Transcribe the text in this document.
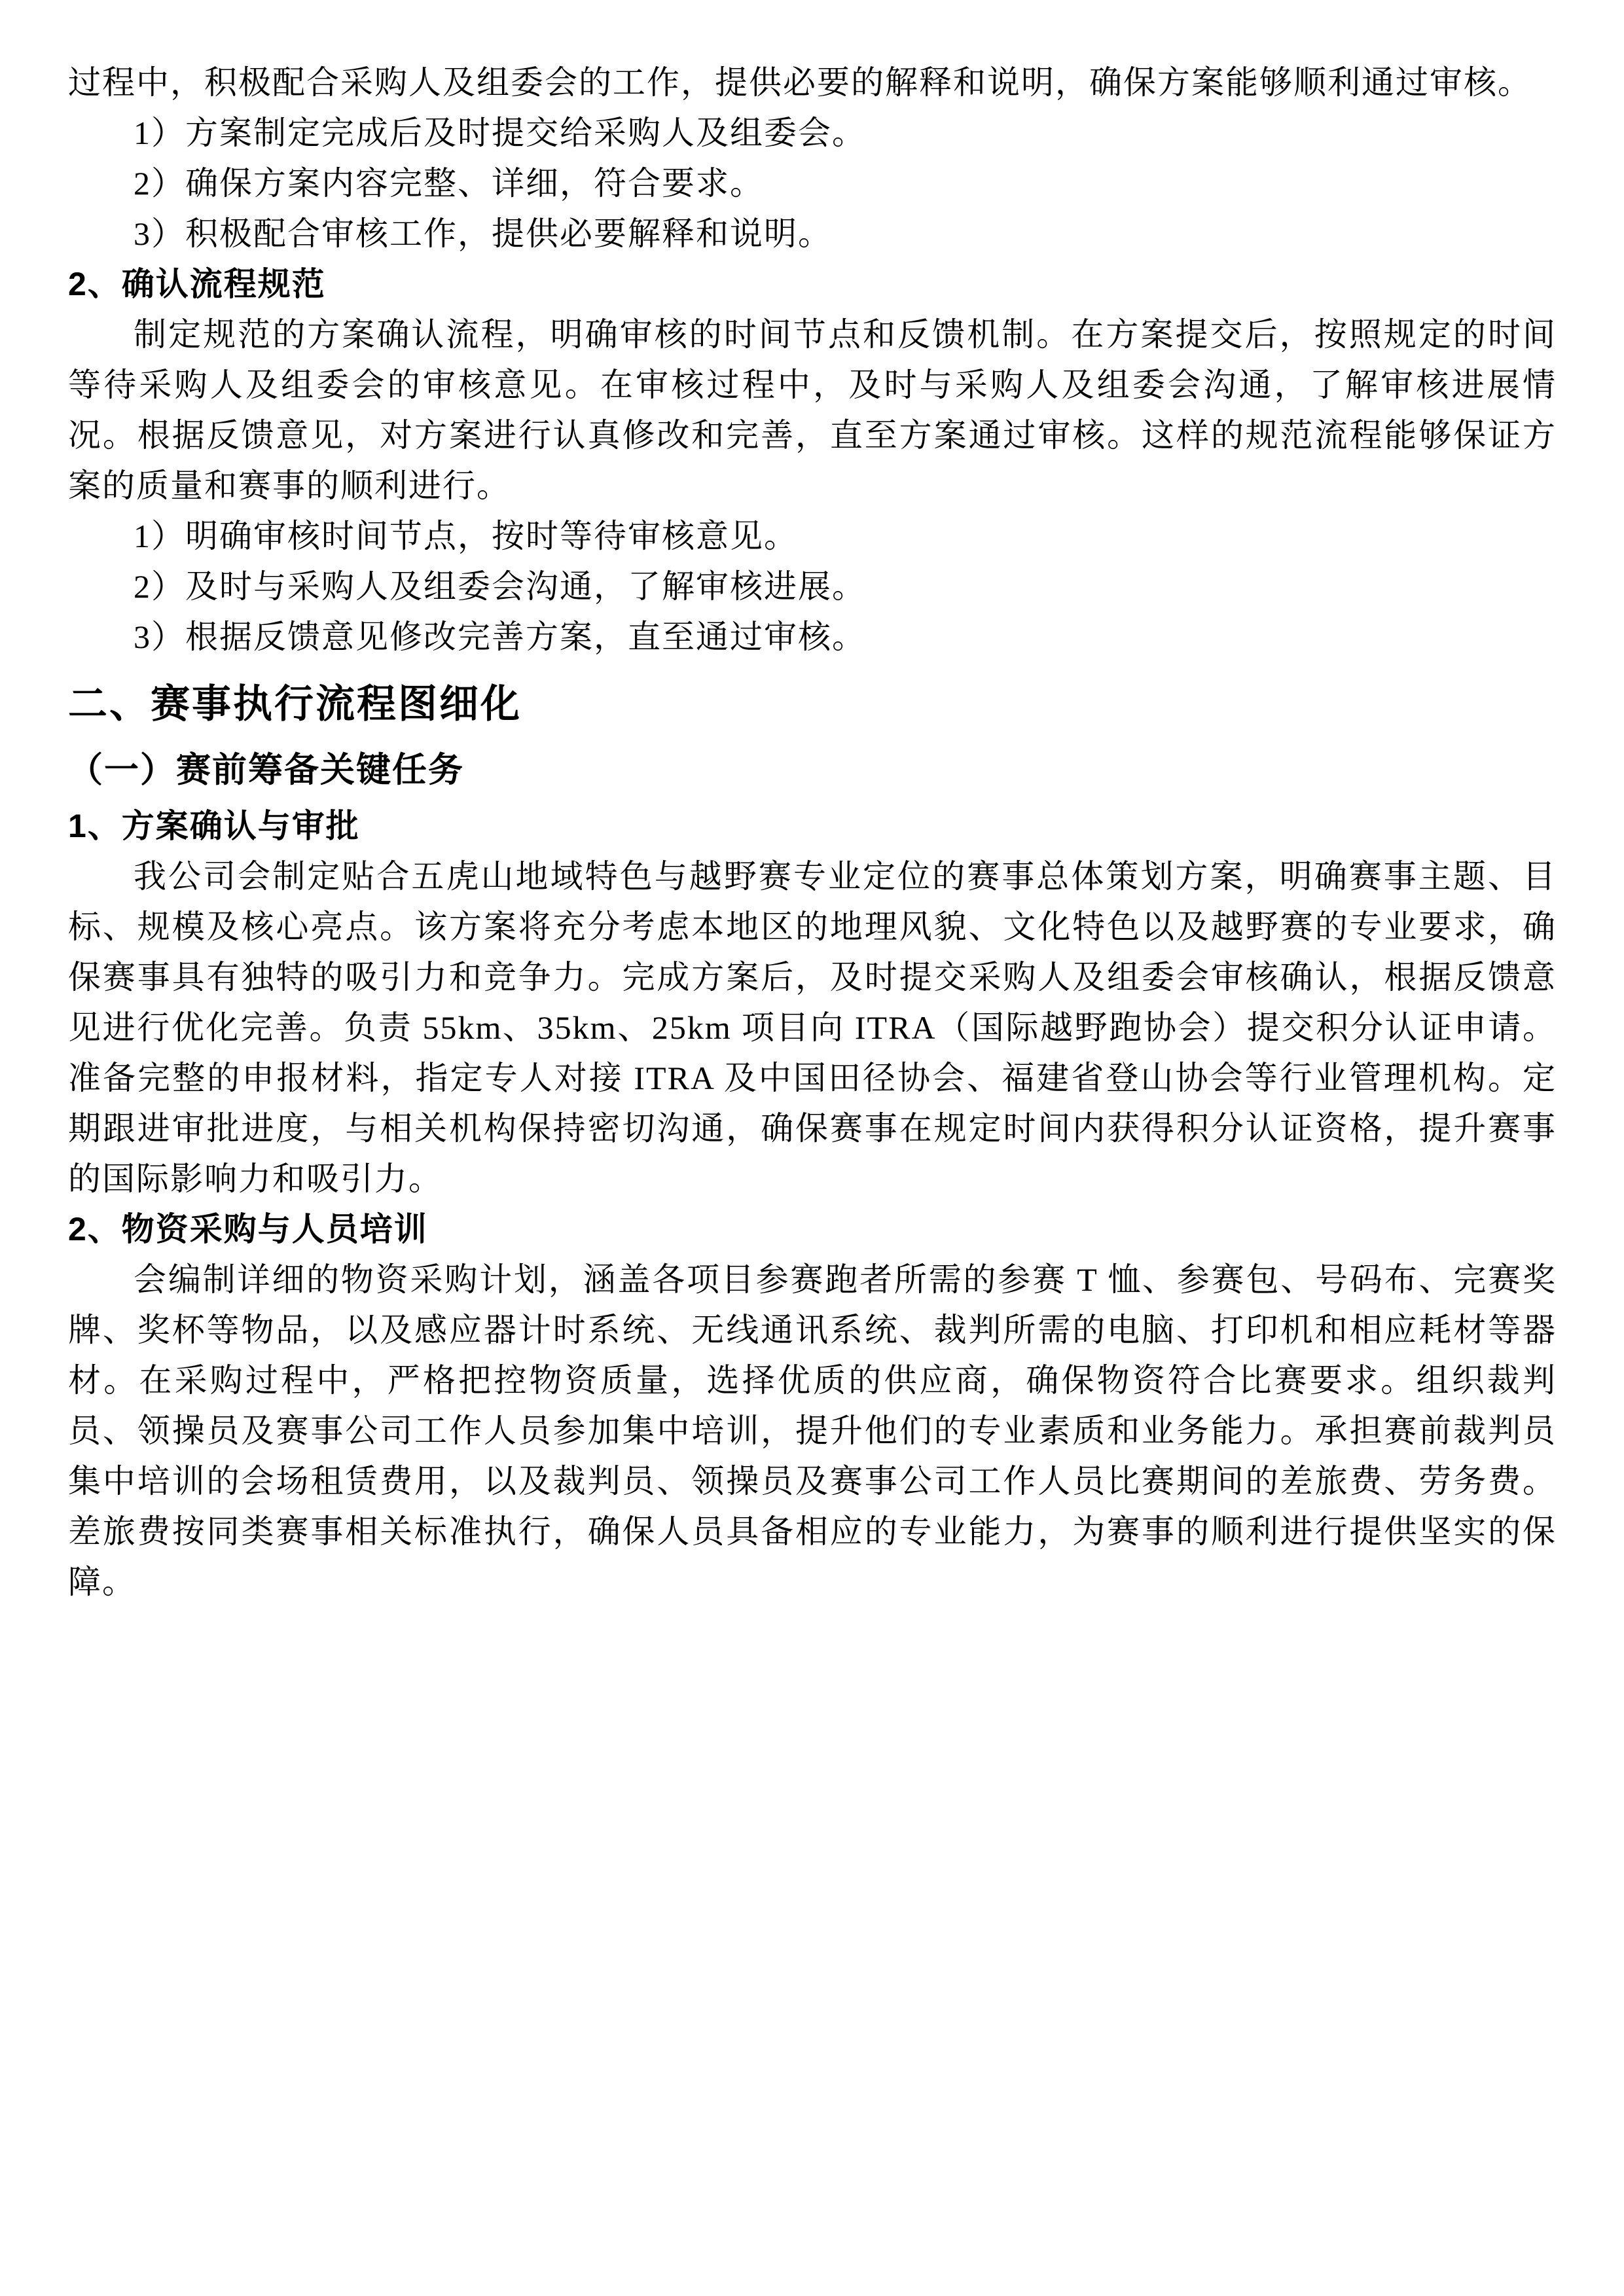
过程中，积极配合采购人及组委会的工作，提供必要的解释和说明，确保方案能够顺利通过审核。

1）方案制定完成后及时提交给采购人及组委会。

2）确保方案内容完整、详细，符合要求。

3）积极配合审核工作，提供必要解释和说明。

2、确认流程规范

制定规范的方案确认流程，明确审核的时间节点和反馈机制。在方案提交后，按照规定的时间等待采购人及组委会的审核意见。在审核过程中，及时与采购人及组委会沟通，了解审核进展情况。根据反馈意见，对方案进行认真修改和完善，直至方案通过审核。这样的规范流程能够保证方案的质量和赛事的顺利进行。

1）明确审核时间节点，按时等待审核意见。

2）及时与采购人及组委会沟通，了解审核进展。

3）根据反馈意见修改完善方案，直至通过审核。

二、赛事执行流程图细化
（一）赛前筹备关键任务
1、方案确认与审批

我公司会制定贴合五虎山地域特色与越野赛专业定位的赛事总体策划方案，明确赛事主题、目标、规模及核心亮点。该方案将充分考虑本地区的地理风貌、文化特色以及越野赛的专业要求，确保赛事具有独特的吸引力和竞争力。完成方案后，及时提交采购人及组委会审核确认，根据反馈意见进行优化完善。负责 55km、35km、25km 项目向 ITRA（国际越野跑协会）提交积分认证申请。准备完整的申报材料，指定专人对接 ITRA 及中国田径协会、福建省登山协会等行业管理机构。定期跟进审批进度，与相关机构保持密切沟通，确保赛事在规定时间内获得积分认证资格，提升赛事的国际影响力和吸引力。

2、物资采购与人员培训

会编制详细的物资采购计划，涵盖各项目参赛跑者所需的参赛 T 恤、参赛包、号码布、完赛奖牌、奖杯等物品，以及感应器计时系统、无线通讯系统、裁判所需的电脑、打印机和相应耗材等器材。在采购过程中，严格把控物资质量，选择优质的供应商，确保物资符合比赛要求。组织裁判员、领操员及赛事公司工作人员参加集中培训，提升他们的专业素质和业务能力。承担赛前裁判员集中培训的会场租赁费用，以及裁判员、领操员及赛事公司工作人员比赛期间的差旅费、劳务费。差旅费按同类赛事相关标准执行，确保人员具备相应的专业能力，为赛事的顺利进行提供坚实的保障。
